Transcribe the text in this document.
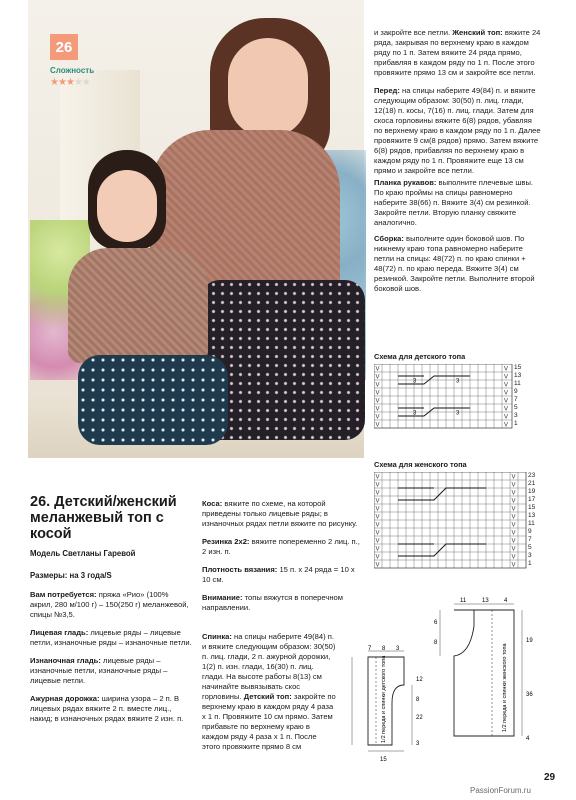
26
Сложность
★★★★★

и закройте все петли. Женский топ: вяжите 24 ряда, закрывая по верхнему краю в каждом ряду по 1 п. Затем вяжите 24 ряда прямо, прибавляя в каждом ряду по 1 п. После этого провяжите прямо 13 см и закройте все петли.

Перед: на спицы наберите 49(84) п. и вяжите следующим образом: 30(50) п. лиц. глади, 12(18) п. косы, 7(16) п. лиц. глади. Затем для скоса горловины вяжите 6(8) рядов, убавляя по верхнему краю в каждом ряду по 1 п. Далее провяжите 9 см(8 рядов) прямо. Затем вяжите 6(8) рядов, прибавляя по верхнему краю в каждом ряду по 1 п. Провяжите еще 13 см прямо и закройте все петли.

Планка рукавов: выполните плечевые швы. По краю проймы на спицы равномерно наберите 38(66) п. Вяжите 3(4) см резинкой. Закройте петли. Вторую планку свяжите аналогично.

Сборка: выполните один боковой шов. По нижнему краю топа равномерно наберите петли на спицы: 48(72) п. по краю спинки + 48(72) п. по краю переда. Вяжите 3(4) см резинкой. Закройте петли. Выполните второй боковой шов.

Схема для детского топа
V
V
V
V
V
V
V
V
V
V
V
V
V
V
V
V
3	3
3	3
15
13
11
9
7
5
3
1
Схема для женского топа
V
V
V
V
V
V
V
V
V
V
V
V
V
V
V
V
V
V
V
V
V
V
V
V
23
21
19
17
15
13
11
9
7
5
3
1
26. Детский/женский меланжевый топ с косой
Модель Светланы Гаревой
Размеры: на 3 года/S

Вам потребуется: пряжа «Рио» (100% акрил, 280 м/100 г) – 150(250 г) меланжевой, спицы №3,5.

Лицевая гладь: лицевые ряды – лицевые петли, изнаночные ряды – изнаночные петли.

Изнаночная гладь: лицевые ряды – изнаночные петли, изнаночные ряды – лицевые петли.

Ажурная дорожка: ширина узора – 2 п. В лицевых рядах вяжите 2 п. вместе лиц., накид; в изнаночных рядах вяжите 2 изн. п.

Коса: вяжите по схеме, на которой приведены только лицевые ряды; в изнаночных рядах петли вяжите по рисунку.

Резинка 2х2: вяжите попеременно 2 лиц. п., 2 изн. п.

Плотность вязания: 15 п. х 24 ряда = 10 х 10 см.

Внимание: топы вяжутся в поперечном направлении.

Спинка: на спицы наберите 49(84) п. и вяжите следующим образом: 30(50) п. лиц. глади, 2 п. ажурной дорожки, 1(2) п. изн. глади, 16(30) п. лиц. глади. На высоте работы 8(13) см начинайте вывязывать скос горловины. Детский топ: закройте по верхнему краю в каждом ряду 4 раза х 1 п. Провяжите 10 см прямо. Затем прибавьте по верхнему краю в каждом ряду 4 раза х 1 п. После этого провяжите прямо 8 см

7 8 3
12
8
22
3
15
1/2 переда и спинки детского топа
11	13	4
6
8	19
36
4
1/2 переда и спинки женского топа
29
PassionForum.ru
